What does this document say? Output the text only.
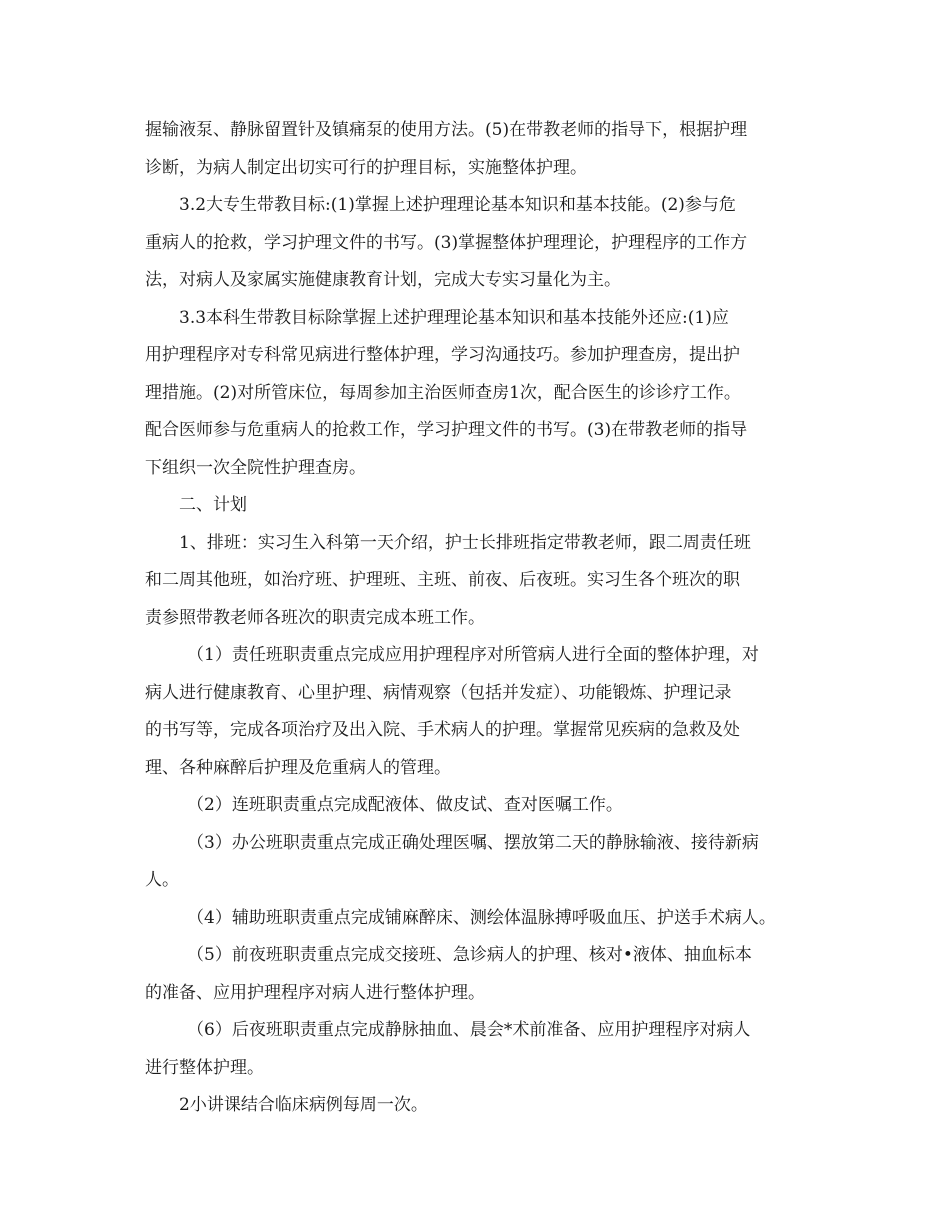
握输液泵、静脉留置针及镇痛泵的使用方法。(5)在带教老师的指导下，根据护理
诊断，为病人制定出切实可行的护理目标，实施整体护理。
3.2大专生带教目标:(1)掌握上述护理理论基本知识和基本技能。(2)参与危
重病人的抢救，学习护理文件的书写。(3)掌握整体护理理论，护理程序的工作方
法，对病人及家属实施健康教育计划，完成大专实习量化为主。
3.3本科生带教目标除掌握上述护理理论基本知识和基本技能外还应:(1)应
用护理程序对专科常见病进行整体护理，学习沟通技巧。参加护理查房，提出护
理措施。(2)对所管床位，每周参加主治医师查房1次，配合医生的诊诊疗工作。
配合医师参与危重病人的抢救工作，学习护理文件的书写。(3)在带教老师的指导
下组织一次全院性护理查房。
二、计划
1、排班：实习生入科第一天介绍，护士长排班指定带教老师，跟二周责任班
和二周其他班，如治疗班、护理班、主班、前夜、后夜班。实习生各个班次的职
责参照带教老师各班次的职责完成本班工作。
（1）责任班职责重点完成应用护理程序对所管病人进行全面的整体护理，对
病人进行健康教育、心里护理、病情观察（包括并发症）、功能锻炼、护理记录
的书写等，完成各项治疗及出入院、手术病人的护理。掌握常见疾病的急救及处
理、各种麻醉后护理及危重病人的管理。
（2）连班职责重点完成配液体、做皮试、查对医嘱工作。
（3）办公班职责重点完成正确处理医嘱、摆放第二天的静脉输液、接待新病
人。
（4）辅助班职责重点完成铺麻醉床、测绘体温脉搏呼吸血压、护送手术病人。
（5）前夜班职责重点完成交接班、急诊病人的护理、核对•液体、抽血标本
的准备、应用护理程序对病人进行整体护理。
（6）后夜班职责重点完成静脉抽血、晨会*术前准备、应用护理程序对病人
进行整体护理。
2小讲课结合临床病例每周一次。
